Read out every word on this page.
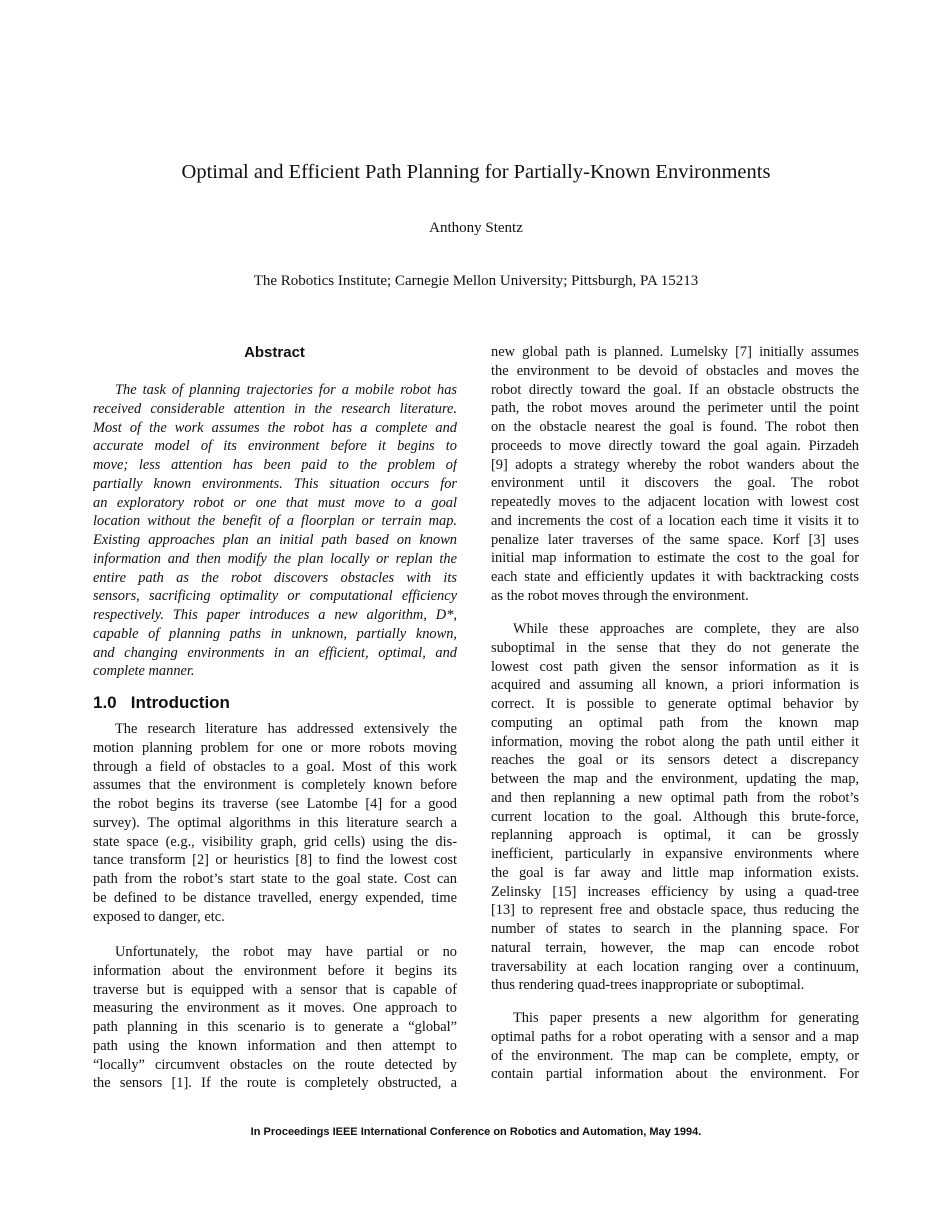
Optimal and Efficient Path Planning for Partially-Known Environments
Anthony Stentz
The Robotics Institute; Carnegie Mellon University; Pittsburgh, PA 15213
Abstract
The task of planning trajectories for a mobile robot has
received considerable attention in the research literature.
Most of the work assumes the robot has a complete and
accurate model of its environment before it begins to
move; less attention has been paid to the problem of
partially known environments. This situation occurs for
an exploratory robot or one that must move to a goal
location without the benefit of a floorplan or terrain map.
Existing approaches plan an initial path based on known
information and then modify the plan locally or replan the
entire path as the robot discovers obstacles with its
sensors, sacrificing optimality or computational efficiency
respectively. This paper introduces a new algorithm, D*,
capable of planning paths in unknown, partially known,
and changing environments in an efficient, optimal, and
complete manner.
1.0   Introduction
The research literature has addressed extensively the
motion planning problem for one or more robots moving
through a field of obstacles to a goal. Most of this work
assumes that the environment is completely known before
the robot begins its traverse (see Latombe [4] for a good
survey). The optimal algorithms in this literature search a
state space (e.g., visibility graph, grid cells) using the dis-
tance transform [2] or heuristics [8] to find the lowest cost
path from the robot’s start state to the goal state. Cost can
be defined to be distance travelled, energy expended, time
exposed to danger, etc.
Unfortunately, the robot may have partial or no
information about the environment before it begins its
traverse but is equipped with a sensor that is capable of
measuring the environment as it moves. One approach to
path planning in this scenario is to generate a “global”
path using the known information and then attempt to
“locally” circumvent obstacles on the route detected by
the sensors [1]. If the route is completely obstructed, a
new global path is planned. Lumelsky [7] initially assumes
the environment to be devoid of obstacles and moves the
robot directly toward the goal. If an obstacle obstructs the
path, the robot moves around the perimeter until the point
on the obstacle nearest the goal is found. The robot then
proceeds to move directly toward the goal again. Pirzadeh
[9] adopts a strategy whereby the robot wanders about the
environment until it discovers the goal. The robot
repeatedly moves to the adjacent location with lowest cost
and increments the cost of a location each time it visits it to
penalize later traverses of the same space. Korf [3] uses
initial map information to estimate the cost to the goal for
each state and efficiently updates it with backtracking costs
as the robot moves through the environment.
While these approaches are complete, they are also
suboptimal in the sense that they do not generate the
lowest cost path given the sensor information as it is
acquired and assuming all known, a priori information is
correct. It is possible to generate optimal behavior by
computing an optimal path from the known map
information, moving the robot along the path until either it
reaches the goal or its sensors detect a discrepancy
between the map and the environment, updating the map,
and then replanning a new optimal path from the robot’s
current location to the goal. Although this brute-force,
replanning approach is optimal, it can be grossly
inefficient, particularly in expansive environments where
the goal is far away and little map information exists.
Zelinsky [15] increases efficiency by using a quad-tree
[13] to represent free and obstacle space, thus reducing the
number of states to search in the planning space. For
natural terrain, however, the map can encode robot
traversability at each location ranging over a continuum,
thus rendering quad-trees inappropriate or suboptimal.
This paper presents a new algorithm for generating
optimal paths for a robot operating with a sensor and a map
of the environment. The map can be complete, empty, or
contain partial information about the environment. For
In Proceedings IEEE International Conference on Robotics and Automation, May 1994.
